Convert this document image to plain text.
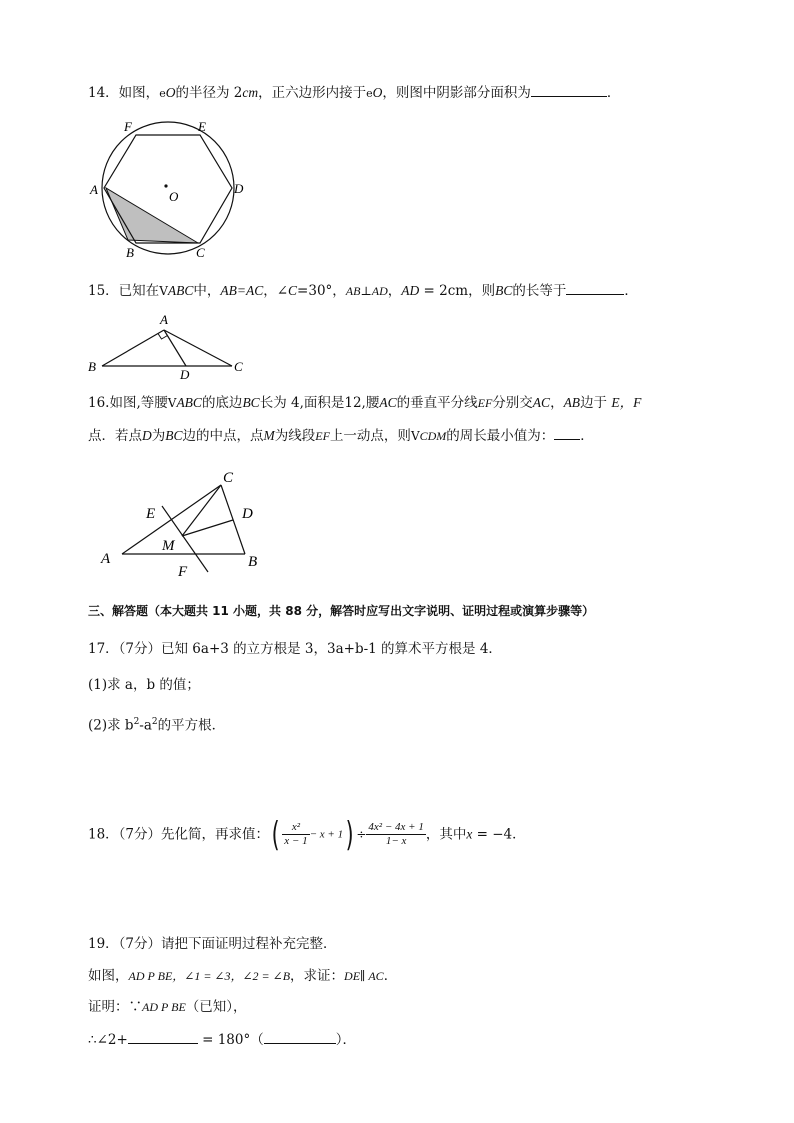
14．如图，eO的半径为 2cm，正六边形内接于eO，则图中阴影部分面积为	．
F	E
A	O
D
B	C
15．已知在VABC中，AB=AC，∠C=30°，AB⊥AD，AD = 2cm，则BC的长等于	．
A
B
D
C
16.如图,等腰VABC的底边BC长为 4,面积是12,腰AC的垂直平分线EF分别交AC，AB边于 E，F
点．若点D为BC边的中点，点M为线段EF上一动点，则VCDM的周长最小值为： ．
C
E	D
M
A
F
B
三、解答题（本大题共 11 小题，共 88 分，解答时应写出文字说明、证明过程或演算步骤等）
17．（7分）已知 6a+3 的立方根是 3，3a+b-1 的算术平方根是 4．
(1)求 a，b 的值；
(2)求 $b^2-a^2$的平方根．
18．（7分）先化简，再求值：( $\frac{\text{x²}}{x - 1} - x + 1) \div \frac{\text{4x² − 4x + 1}}{1- x}$ ，其中x = −4．
19．（7分）请把下面证明过程补充完整．
如图，AD P BE，∠1 = ∠3，∠2 = ∠B，求证：DE∥ AC．
证明：∵AD P BE（已知），
∴∠2+	= 180°（	）．
